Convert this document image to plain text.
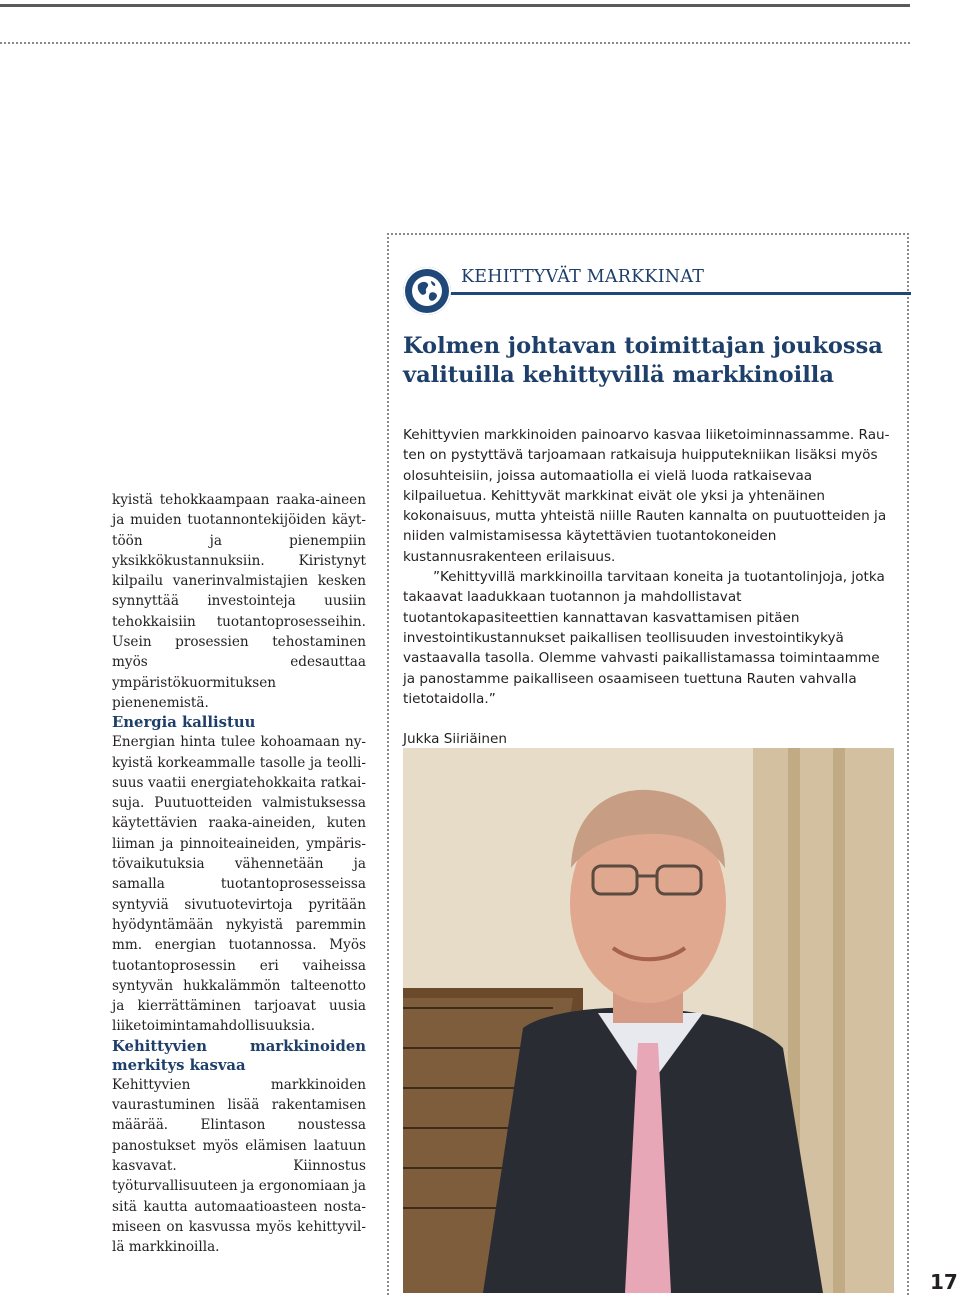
kyistä tehokkaampaan raaka-aineen ja muiden tuotannontekijöiden käyttöön ja pienempiin yksikkökustannuksiin. Kiristynyt kilpailu vanerinvalmistajien kesken synnyttää investointeja uusiin tehokkaisiin tuotantoprosesseihin. Usein prosessien tehostaminen myös edesauttaa ympäristökuormituksen pienenemistä.

Energia kallistuu

Energian hinta tulee kohoamaan nykyistä korkeammalle tasolle ja teollisuus vaatii energiatehokkaita ratkaisuja. Puutuotteiden valmistuksessa käytettävien raaka-aineiden, kuten liiman ja pinnoiteaineiden, ympäristövaikutuksia vähennetään ja samalla tuotantoprosesseissa syntyviä sivutuotevirtoja pyritään hyödyntämään nykyistä paremmin mm. energian tuotannossa. Myös tuotantoprosessin eri vaiheissa syntyvän hukkalämmön talteenotto ja kierrättäminen tarjoavat uusia liiketoimintamahdollisuuksia.

Kehittyvien markkinoiden merkitys kasvaa

Kehittyvien markkinoiden vaurastuminen lisää rakentamisen määrää. Elintason noustessa panostukset myös elämisen laatuun kasvavat. Kiinnostus työturvallisuuteen ja ergonomiaan ja sitä kautta automaatioasteen nostamiseen on kasvussa myös kehittyvillä markkinoilla.

KEHITTYVÄT MARKKINAT
Kolmen johtavan toimittajan joukossa valituilla kehittyvillä markkinoilla

Kehittyvien markkinoiden painoarvo kasvaa liiketoiminnassamme. Rauten on pystyttävä tarjoamaan ratkaisuja huipputekniikan lisäksi myös olosuhteisiin, joissa automaatiolla ei vielä luoda ratkaisevaa kilpailuetua. Kehittyvät markkinat eivät ole yksi ja yhtenäinen kokonaisuus, mutta yhteistä niille Rauten kannalta on puutuotteiden ja niiden valmistamisessa käytettävien tuotantokoneiden kustannusrakenteen erilaisuus.

”Kehittyvillä markkinoilla tarvitaan koneita ja tuotantolinjoja, jotka takaavat laadukkaan tuotannon ja mahdollistavat tuotantokapasiteettien kannattavan kasvattamisen pitäen investointikustannukset paikallisen teollisuuden investointikykyä vastaavalla tasolla. Olemme vahvasti paikallistamassa toimintaamme ja panostamme paikalliseen osaamiseen tuettuna Rauten vahvalla tietotaidolla.”

Jukka Siiriäinen

17
